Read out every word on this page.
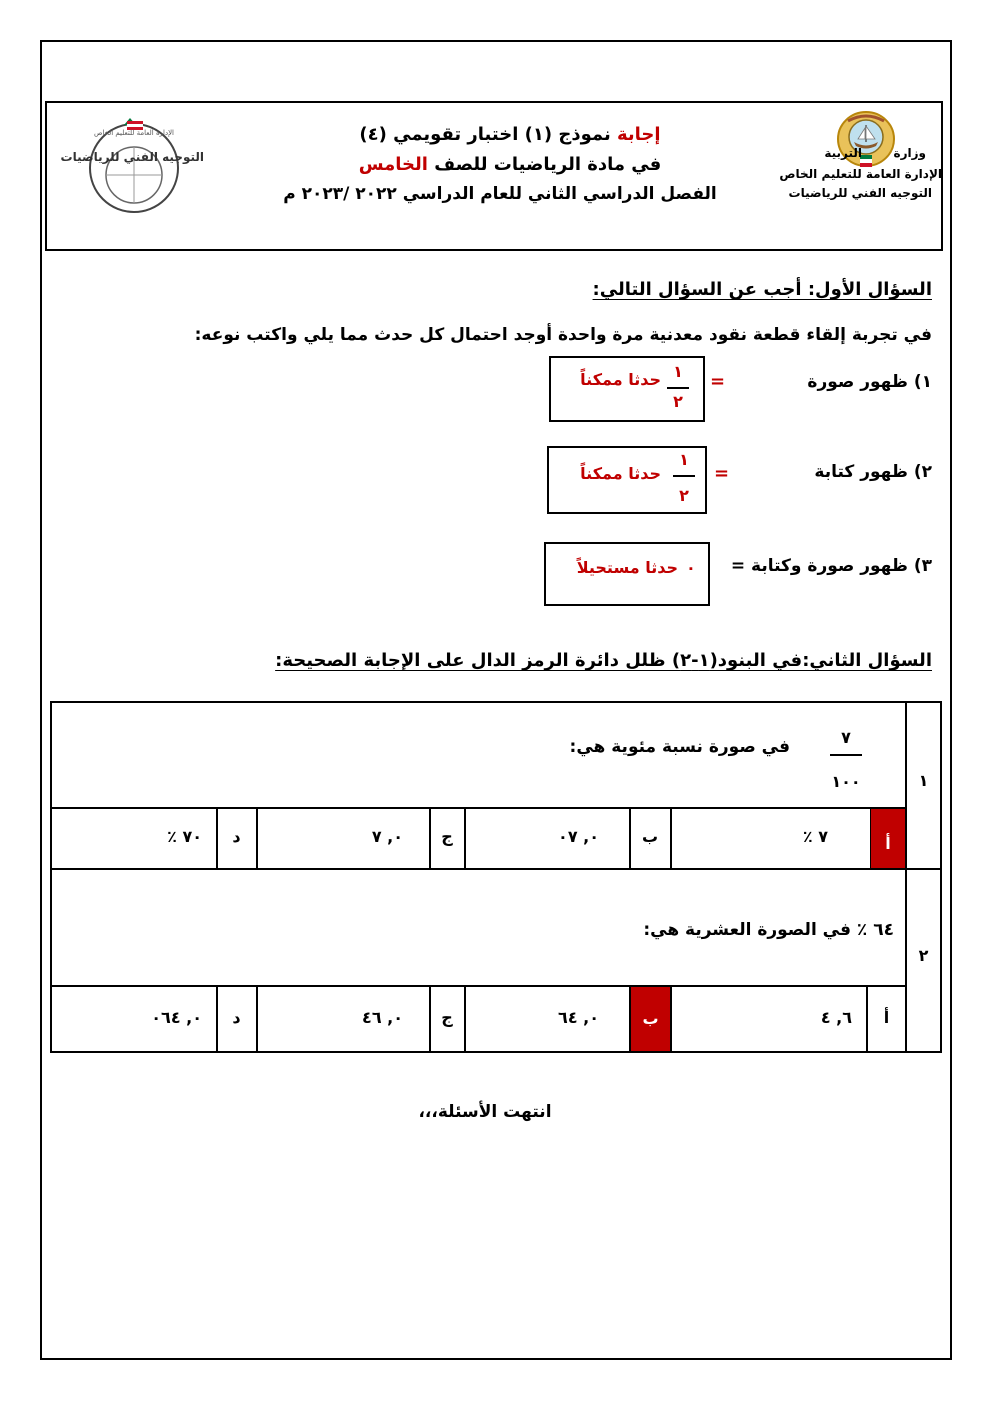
وزارة
التربية
الإدارة العامة للتعليم الخاص
التوجيه الفني للرياضيات
إجابة نموذج (١) اختبار تقويمي (٤)
في مادة الرياضيات للصف الخامس
الفصل الدراسي الثاني للعام الدراسي ٢٠٢٢ /٢٠٢٣ م
الإدارة العامة للتعليم الخاص
التوجيه الفني للرياضيات
السؤال الأول: أجب عن السؤال التالي:
في تجربة إلقاء قطعة نقود معدنية مرة واحدة أوجد احتمال كل حدث مما يلي واكتب نوعه:
١) ظهور صورة
=
١
٢
حدثا ممكناً
٢) ظهور كتابة
=
١
٢
حدثا ممكناً
٣) ظهور صورة وكتابة =
٠
حدثا مستحيلاً
السؤال الثاني:في البنود(١-٢) ظلل دائرة الرمز الدال على الإجابة الصحيحة:
١
٧
١٠٠
في صورة نسبة مئوية هي:
أ
٪ ٧
ب
٠, ٠٧
ج
٠, ٧
د
٪ ٧٠
٢
٦٤ ٪ في الصورة العشرية هي:
أ
٦, ٤
ب
٠, ٦٤
ج
٠, ٤٦
د
٠, ٠٦٤
انتهت الأسئلة،،،
